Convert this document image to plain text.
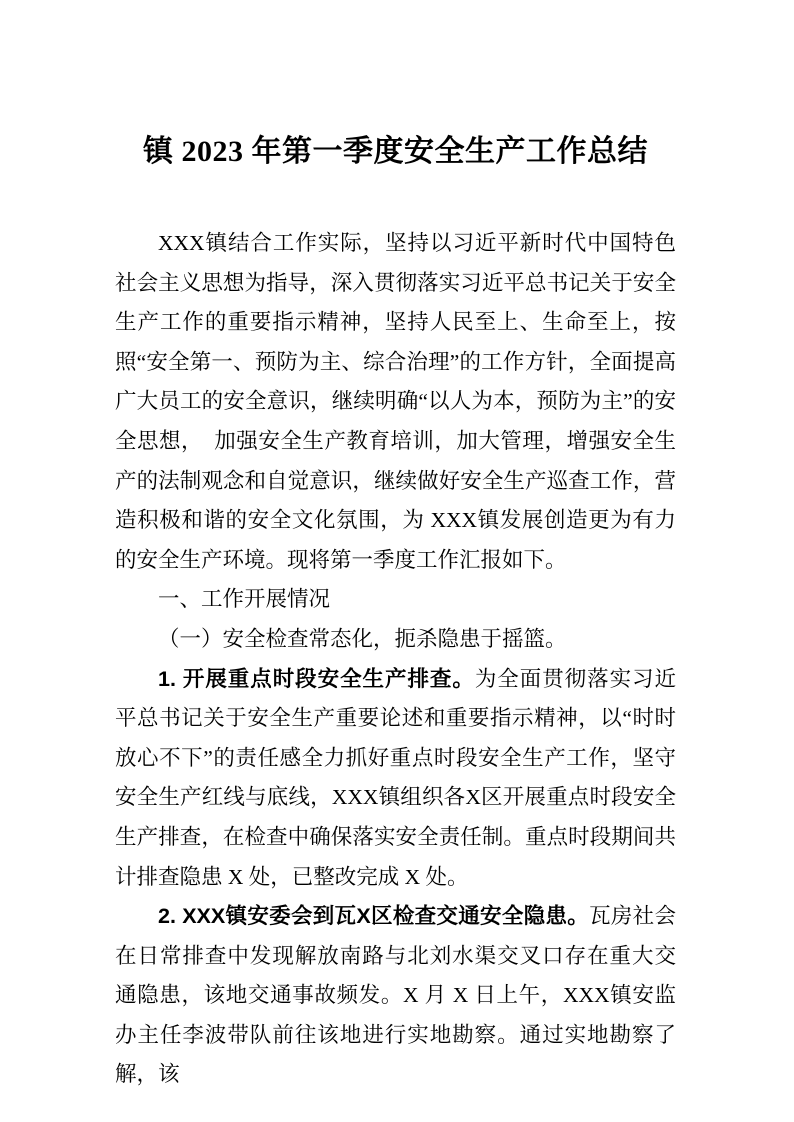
镇 2023 年第一季度安全生产工作总结

XXX镇结合工作实际，坚持以习近平新时代中国特色社会主义思想为指导，深入贯彻落实习近平总书记关于安全生产工作的重要指示精神，坚持人民至上、生命至上，按照“安全第一、预防为主、综合治理”的工作方针，全面提高广大员工的安全意识，继续明确“以人为本，预防为主”的安全思想，　加强安全生产教育培训，加大管理，增强安全生产的法制观念和自觉意识，继续做好安全生产巡查工作，营造积极和谐的安全文化氛围，为 XXX镇发展创造更为有力的安全生产环境。现将第一季度工作汇报如下。

一、工作开展情况

（一）安全检查常态化，扼杀隐患于摇篮。

1. 开展重点时段安全生产排查。为全面贯彻落实习近平总书记关于安全生产重要论述和重要指示精神，以“时时放心不下”的责任感全力抓好重点时段安全生产工作，坚守安全生产红线与底线，XXX镇组织各X区开展重点时段安全生产排查，在检查中确保落实安全责任制。重点时段期间共计排查隐患 X 处，已整改完成 X 处。

2. XXX镇安委会到瓦X区检查交通安全隐患。瓦房社会在日常排查中发现解放南路与北刘水渠交叉口存在重大交 通隐患，该地交通事故频发。X 月 X 日上午，XXX镇安监办主任李波带队前往该地进行实地勘察。通过实地勘察了解，该
